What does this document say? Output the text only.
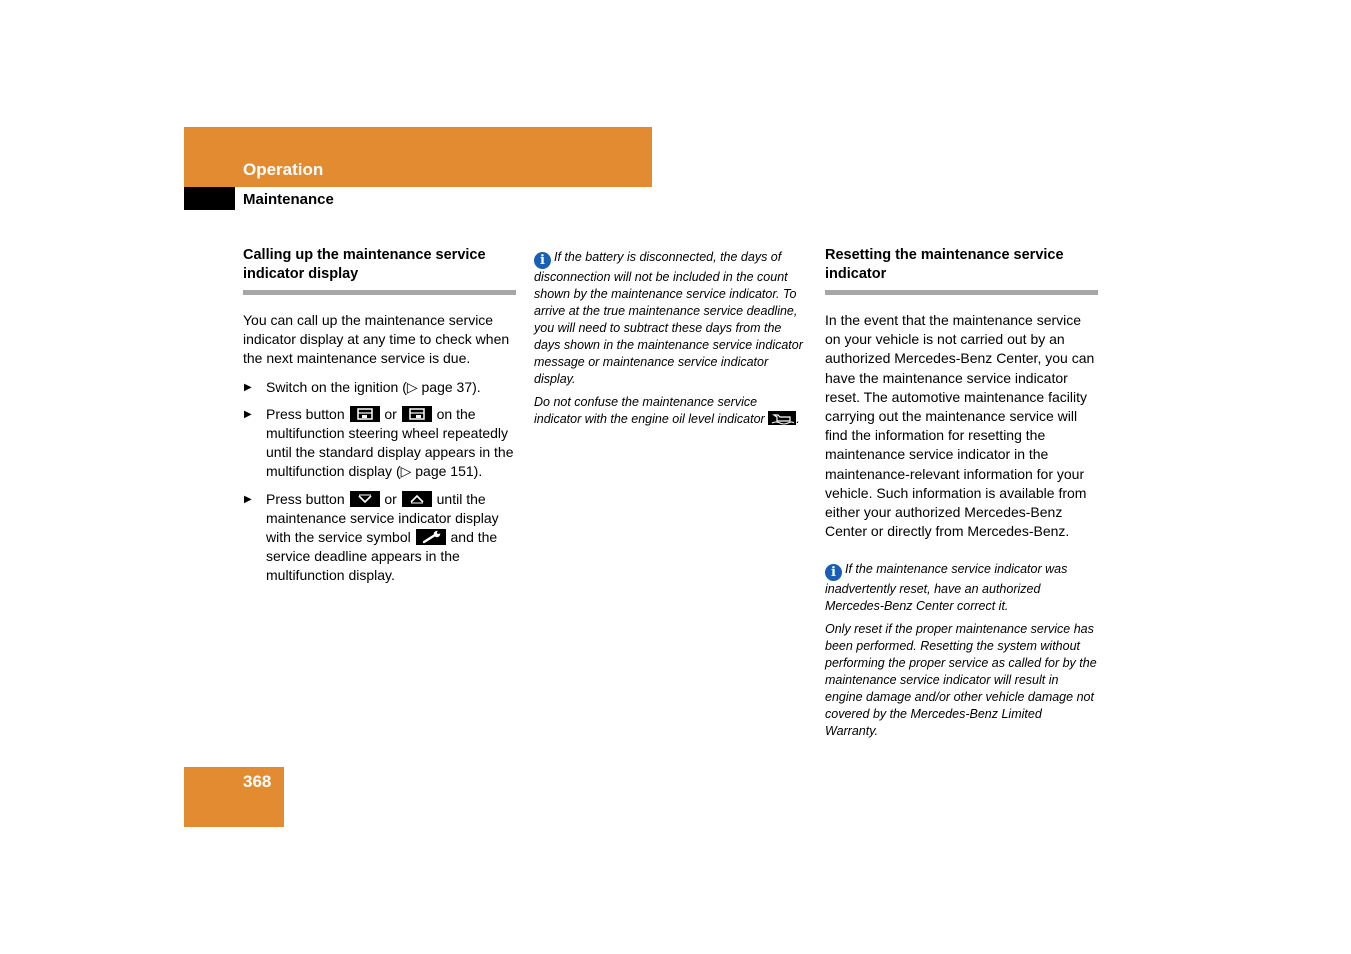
Operation
Maintenance
Calling up the maintenance service indicator display

You can call up the maintenance service indicator display at any time to check when the next maintenance service is due.

▶ Switch on the ignition (▷ page 37).
▶ Press button	or	on the multifunction steering wheel repeatedly until the standard display appears in the multifunction display (▷ page 151).
▶ Press button	or	until the maintenance service indicator display with the service symbol	and the service deadline appears in the multifunction display.

i If the battery is disconnected, the days of disconnection will not be included in the count shown by the maintenance service indicator. To arrive at the true maintenance service deadline, you will need to subtract these days from the days shown in the maintenance service indicator message or maintenance service indicator display.

Do not confuse the maintenance service indicator with the engine oil level indicator	.

Resetting the maintenance service indicator

In the event that the maintenance service on your vehicle is not carried out by an authorized Mercedes-Benz Center, you can have the maintenance service indicator reset. The automotive maintenance facility carrying out the maintenance service will find the information for resetting the maintenance service indicator in the maintenance-relevant information for your vehicle. Such information is available from either your authorized Mercedes-Benz Center or directly from Mercedes-Benz.

i If the maintenance service indicator was inadvertently reset, have an authorized Mercedes-Benz Center correct it.

Only reset if the proper maintenance service has been performed. Resetting the system without performing the proper service as called for by the maintenance service indicator will result in engine damage and/or other vehicle damage not covered by the Mercedes-Benz Limited Warranty.

368
